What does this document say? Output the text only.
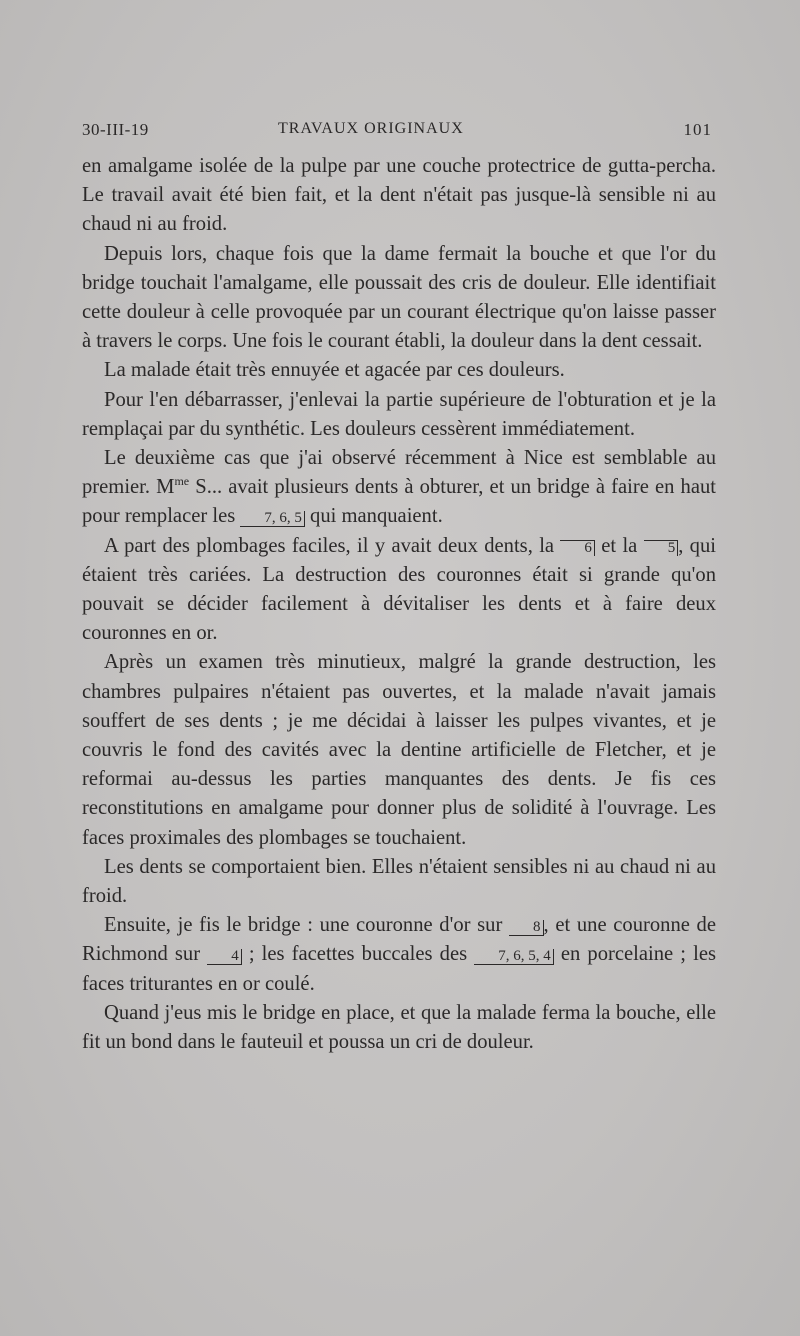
30-III-19	TRAVAUX ORIGINAUX	101

en amalgame isolée de la pulpe par une couche protectrice de gutta-percha. Le travail avait été bien fait, et la dent n'était pas jusque-là sensible ni au chaud ni au froid.

Depuis lors, chaque fois que la dame fermait la bouche et que l'or du bridge touchait l'amalgame, elle poussait des cris de douleur. Elle identifiait cette douleur à celle provoquée par un courant électrique qu'on laisse passer à travers le corps. Une fois le courant établi, la douleur dans la dent cessait.

La malade était très ennuyée et agacée par ces douleurs.

Pour l'en débarrasser, j'enlevai la partie supérieure de l'obturation et je la remplaçai par du synthétic. Les douleurs cessèrent immédiatement.

Le deuxième cas que j'ai observé récemment à Nice est semblable au premier. $M^{me}$ S... avait plusieurs dents à obturer, et un bridge à faire en haut pour remplacer les 7, 6, 5 qui manquaient.

A part des plombages faciles, il y avait deux dents, la 6 et la 5 , qui étaient très cariées. La destruction des couronnes était si grande qu'on pouvait se décider facilement à dévitaliser les dents et à faire deux couronnes en or.

Après un examen très minutieux, malgré la grande destruction, les chambres pulpaires n'étaient pas ouvertes, et la malade n'avait jamais souffert de ses dents ; je me décidai à laisser les pulpes vivantes, et je couvris le fond des cavités avec la dentine artificielle de Fletcher, et je reformai au-dessus les parties manquantes des dents. Je fis ces reconstitutions en amalgame pour donner plus de solidité à l'ouvrage. Les faces proximales des plombages se touchaient.

Les dents se comportaient bien. Elles n'étaient sensibles ni au chaud ni au froid.

Ensuite, je fis le bridge : une couronne d'or sur 8 , et une couronne de Richmond sur 4 ; les facettes buccales des 7, 6, 5, 4 en porcelaine ; les faces triturantes en or coulé.

Quand j'eus mis le bridge en place, et que la malade ferma la bouche, elle fit un bond dans le fauteuil et poussa un cri de douleur.
